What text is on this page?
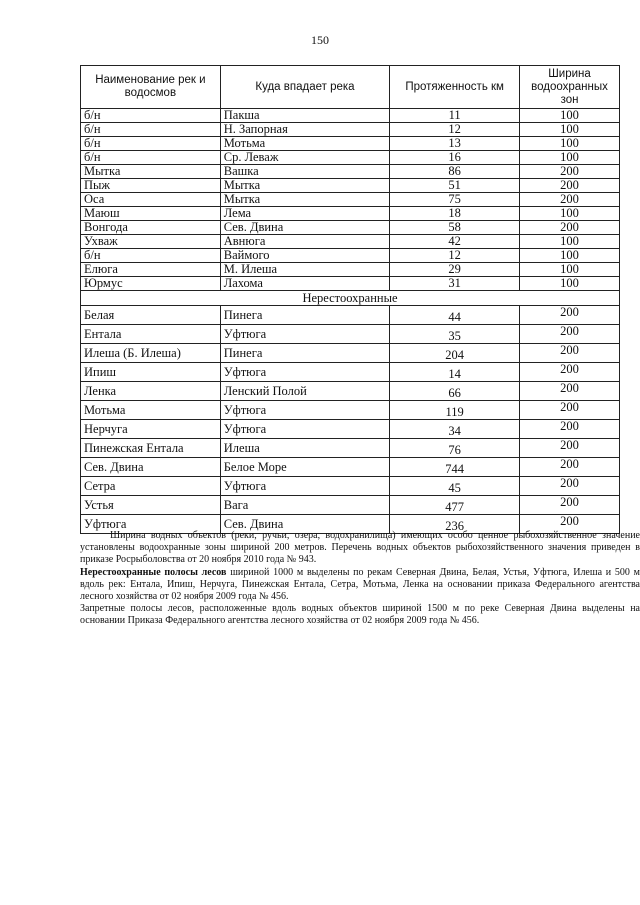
150
Наименование рек и водосмов	Куда впадает река	Протяженность км	Ширина водоохранных зон
б/н	Пакша	11	100
б/н	Н. Запорная	12	100
б/н	Мотьма	13	100
б/н	Ср. Леваж	16	100
Мытка	Вашка	86	200
Пыж	Мытка	51	200
Оса	Мытка	75	200
Маюш	Лема	18	100
Вонгода	Сев. Двина	58	200
Ухваж	Авнюга	42	100
б/н	Ваймого	12	100
Елюга	М. Илеша	29	100
Юрмус	Лахома	31	100
Нерестоохранные			
Белая	Пинега	44	200
Ентала	Уфтюга	35	200
Илеша (Б. Илеша)	Пинега	204	200
Ипиш	Уфтюга	14	200
Ленка	Ленский Полой	66	200
Мотьма	Уфтюга	119	200
Нерчуга	Уфтюга	34	200
Пинежская Ентала	Илеша	76	200
Сев. Двина	Белое Море	744	200
Сетра	Уфтюга	45	200
Устья	Вага	477	200
Уфтюга	Сев. Двина	236	200

Ширина водных объектов (реки, ручьи, озера, водохранилища) имеющих особо ценное рыбохозяйственное значение установлены водоохранные зоны шириной 200 метров. Перечень водных объектов рыбохозяйственного значения приведен в приказе Росрыболовства от 20 ноября 2010 года № 943.

Нерестоохранные полосы лесов шириной 1000 м выделены по рекам Северная Двина, Белая, Устья, Уфтюга, Илеша и 500 м вдоль рек: Ентала, Ипиш, Нерчуга, Пинежская Ентала, Сетра, Мотьма, Ленка на основании приказа Федерального агентства лесного хозяйства от 02 ноября 2009 года № 456.

Запретные полосы лесов, расположенные вдоль водных объектов шириной 1500 м по реке Северная Двина выделены на основании Приказа Федерального агентства лесного хозяйства от 02 ноября 2009 года № 456.
